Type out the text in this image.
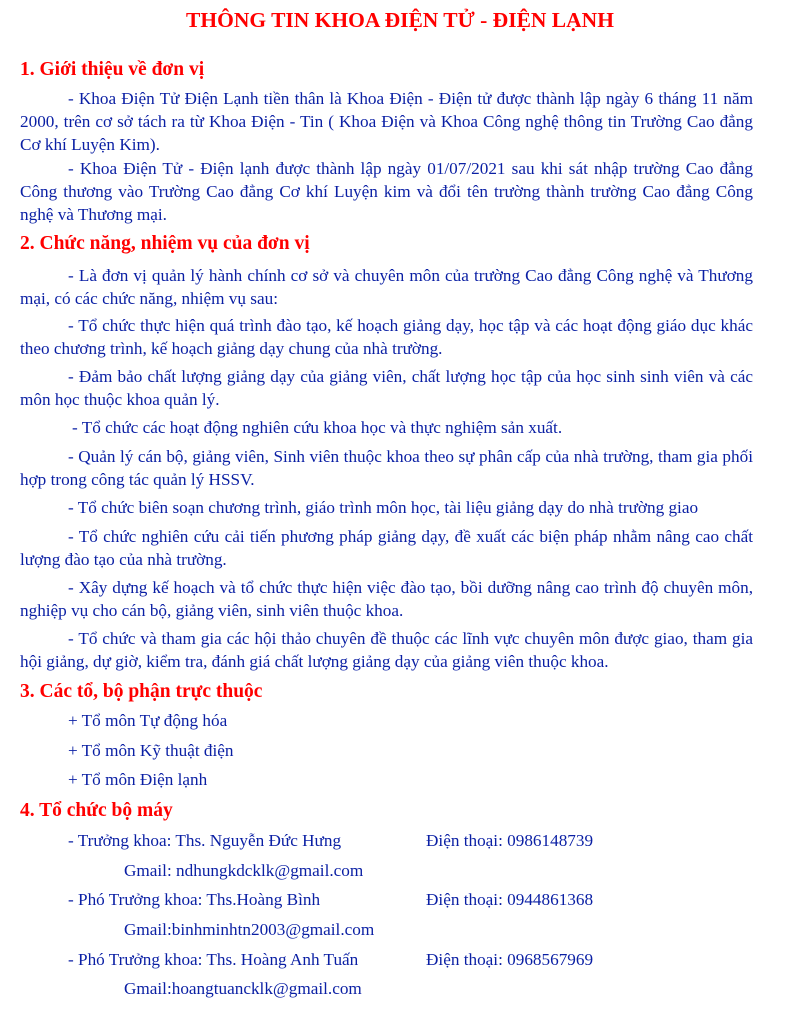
THÔNG TIN KHOA ĐIỆN TỬ - ĐIỆN LẠNH
1. Giới thiệu về đơn vị
- Khoa Điện Tử Điện Lạnh tiền thân là Khoa Điện - Điện tử được thành lập ngày 6 tháng 11 năm 2000, trên cơ sở tách ra từ Khoa Điện - Tin ( Khoa Điện và Khoa Công nghệ thông tin Trường Cao đẳng Cơ khí Luyện Kim).
- Khoa Điện Tử - Điện lạnh được thành lập ngày 01/07/2021 sau khi sát nhập trường Cao đẳng Công thương vào Trường Cao đẳng Cơ khí Luyện kim và đổi tên trường thành trường Cao đẳng Công nghệ và Thương mại.
2. Chức năng, nhiệm vụ của đơn vị
- Là đơn vị quản lý hành chính cơ sở và chuyên môn của trường Cao đẳng Công nghệ và Thương mại, có các chức năng, nhiệm vụ sau:
- Tổ chức thực hiện quá trình đào tạo, kế hoạch giảng dạy, học tập và các hoạt động giáo dục khác theo chương trình, kế hoạch giảng dạy chung của nhà trường.
- Đảm bảo chất lượng giảng dạy của giảng viên, chất lượng học tập của học sinh sinh viên và các môn học thuộc khoa quản lý.
- Tổ chức các hoạt động nghiên cứu khoa học và thực nghiệm sản xuất.
- Quản lý cán bộ, giảng viên, Sinh viên thuộc khoa theo sự phân cấp của nhà trường, tham gia phối hợp trong công tác quản lý HSSV.
- Tổ chức biên soạn chương trình, giáo trình môn học, tài liệu giảng dạy do nhà trường giao
- Tổ chức nghiên cứu cải tiến phương pháp giảng dạy, đề xuất các biện pháp nhằm nâng cao chất lượng đào tạo của nhà trường.
- Xây dựng kế hoạch và tổ chức thực hiện việc đào tạo, bồi dưỡng nâng cao trình độ chuyên môn, nghiệp vụ cho cán bộ, giảng viên, sinh viên thuộc khoa.
- Tổ chức và tham gia các hội thảo chuyên đề thuộc các lĩnh vực chuyên môn được giao, tham gia hội giảng, dự giờ, kiểm tra, đánh giá chất lượng giảng dạy của giảng viên thuộc khoa.
3. Các tổ, bộ phận trực thuộc
+ Tổ môn Tự động hóa
+ Tổ môn Kỹ thuật điện
+ Tổ môn Điện lạnh
4. Tổ chức bộ máy
- Trưởng khoa: Ths. Nguyễn Đức Hưng	Điện thoại: 0986148739
Gmail: ndhungkdcklk@gmail.com
- Phó Trưởng khoa: Ths.Hoàng Bình	Điện thoại: 0944861368
Gmail:binhminhtn2003@gmail.com
- Phó Trưởng khoa: Ths. Hoàng Anh Tuấn	Điện thoại: 0968567969
Gmail:hoangtuancklk@gmail.com
